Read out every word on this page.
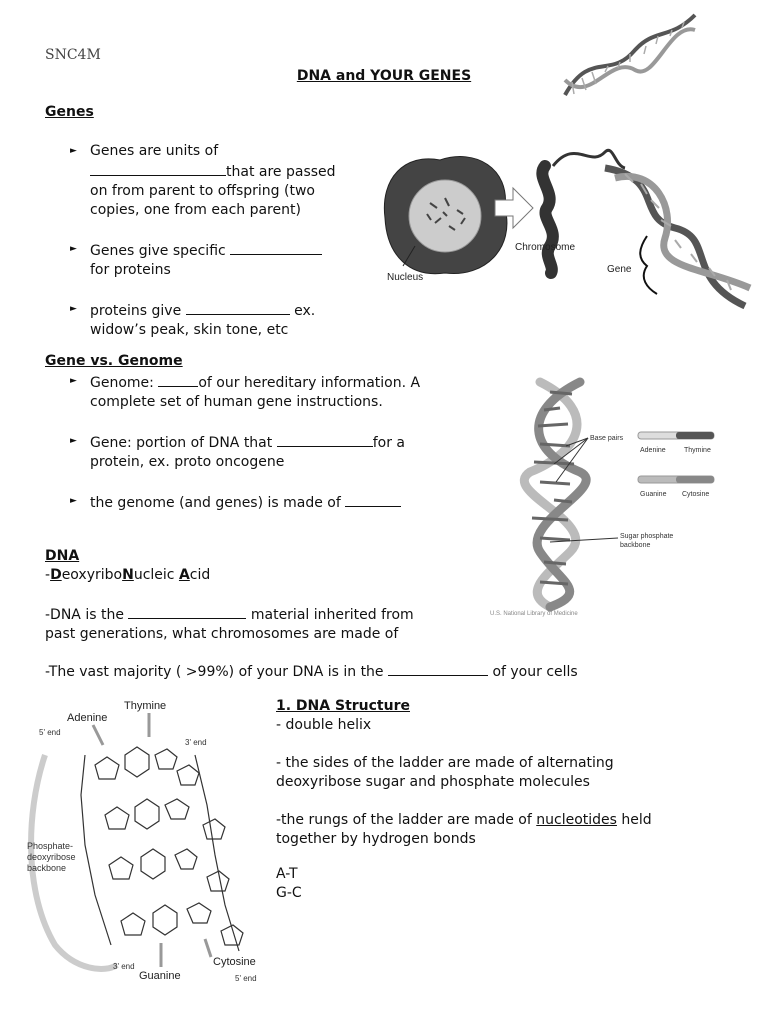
SNC4M
DNA and YOUR GENES
Genes
► Genes are units of
that are passed
on from parent to offspring (two
copies, one from each parent)
► Genes give specific
for proteins
► proteins give	ex.
widow’s peak, skin tone, etc
Nucleus
Chromosome
Gene
Gene vs. Genome
► Genome:	of our hereditary information. A
complete set of human gene instructions.
► Gene: portion of DNA that	for a
protein, ex. proto oncogene
► the genome (and genes) is made of
Base pairs
Adenine	Thymine
Guanine Cytosine
Sugar phosphate
backbone
U.S. National Library of Medicine
DNA
-DeoxyriboNucleic Acid
-DNA is the	material inherited from
past generations, what chromosomes are made of
-The vast majority ( >99%) of your DNA is in the	of your cells
Adenine
Thymine
5' end
3' end
Phosphate-
deoxyribose
backbone
3' end
Guanine
Cytosine
5' end
1. DNA Structure
- double helix
- the sides of the ladder are made of alternating
deoxyribose sugar and phosphate molecules
-the rungs of the ladder are made of nucleotides held
together by hydrogen bonds
A-T
G-C
